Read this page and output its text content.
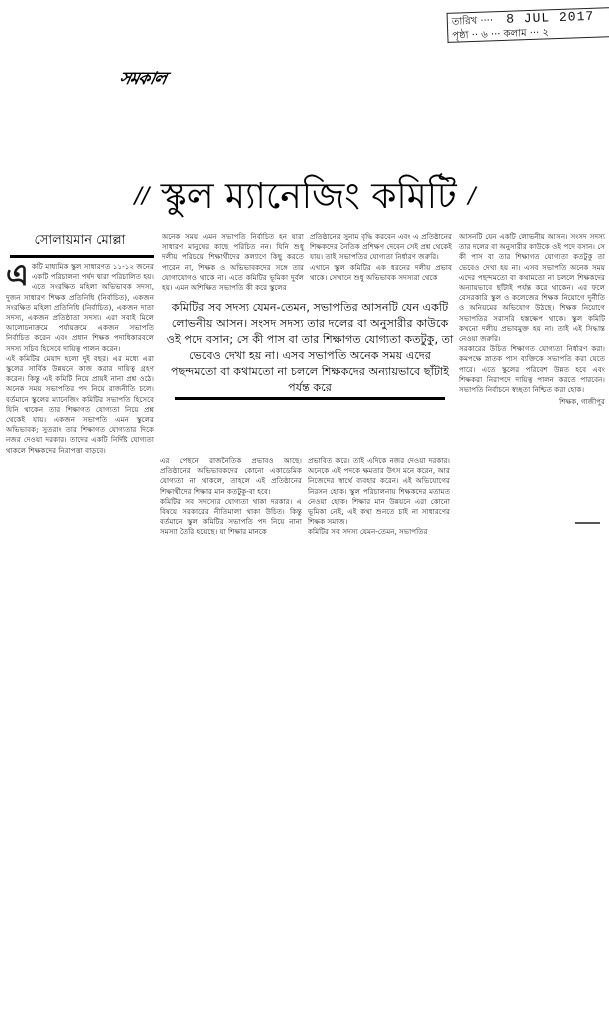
তারিখ ···· 8 JUL 2017
পৃষ্ঠা ·· ৬ ··· কলাম ··· ২
সমকাল
// স্কুল ম্যানেজিং কমিটি /
সোলায়মান মোল্লা

একটি মাধ্যমিক স্কুল সাধারণত ১১-১২ জনের একটি পরিচালনা পর্ষদ দ্বারা পরিচালিত হয়। এতে সংরক্ষিত মহিলা অভিভাবক সদস্য, দুজন সাধারণ শিক্ষক প্রতিনিধি (নির্বাচিত), একজন সংরক্ষিত মহিলা প্রতিনিধি (নির্বাচিত), একজন দাতা সদস্য, একজন প্রতিষ্ঠাতা সদস্য। এরা সবাই মিলে আলোচনাক্রমে পর্যায়ক্রমে একজন সভাপতি নির্বাচিত করেন এবং প্রধান শিক্ষক পদাধিকারবলে সদস্য সচিব হিসেবে দায়িত্ব পালন করেন।

এই কমিটির মেয়াদ হলো দুই বছর। এর মধ্যে এরা স্কুলের সার্বিক উন্নয়নে কাজ করার দায়িত্ব গ্রহণ করেন। কিন্তু এই কমিটি নিয়ে প্রায়ই নানা প্রশ্ন ওঠে। অনেক সময় সভাপতির পদ নিয়ে রাজনীতি চলে। বর্তমানে স্কুলের ম্যানেজিং কমিটির সভাপতি হিসেবে যিনি থাকেন তার শিক্ষাগত যোগ্যতা নিয়ে প্রশ্ন থেকেই যায়। একজন সভাপতি এমন স্কুলের অভিভাবক; সুতরাং তার শিক্ষাগত যোগ্যতার দিকে নজর দেওয়া দরকার। তাদের একটি নির্দিষ্ট যোগ্যতা থাকলে শিক্ষকদের নিরাপত্তা বাড়বে।

অনেক সময় এমন সভাপতি নির্বাচিত হন যারা সাধারণ মানুষের কাছে পরিচিত নন। যিনি শুধু দলীয় পরিচয়ে শিক্ষার্থীদের কল্যাণে কিছু করতে পারেন না, শিক্ষক ও অভিভাবকদের সঙ্গে তার যোগাযোগও থাকে না। এতে কমিটির ভূমিকা দুর্বল হয়। এমন অশিক্ষিত সভাপতি কী করে স্কুলের

প্রতিষ্ঠানের সুনাম বৃদ্ধি করবেন এবং এ প্রতিষ্ঠানের শিক্ষকদের নৈতিক প্রশিক্ষণ দেবেন সেই প্রশ্ন থেকেই যায়। তাই সভাপতির যোগ্যতা নির্ধারণ জরুরি।

এখানে স্কুল কমিটির এক ধরনের দলীয় প্রভাব থাকে। সেখানে শুধু অভিভাবক সদস্যরা থেকে

কমিটির সব সদস্য যেমন-তেমন, সভাপতির আসনটি যেন একটি লোভনীয় আসন। সংসদ সদস্য তার দলের বা অনুসারীর কাউকে ওই পদে বসান; সে কী পাস বা তার শিক্ষাগত যোগ্যতা কতটুকু, তা ভেবেও দেখা হয় না। এসব সভাপতি অনেক সময় এদের পছন্দমতো বা কথামতো না চললে শিক্ষকদের অন্যায়ভাবে ছাঁটাই পর্যন্ত করে

এর পেছনে রাজনৈতিক প্রভাবও আছে। প্রতিষ্ঠানের অভিভাবকদের কোনো একাডেমিক যোগ্যতা না থাকলে, তাহলে এই প্রতিষ্ঠানের শিক্ষার্থীদের শিক্ষার মান কতটুকু-বা হবে।

কমিটির সব সদস্যের যোগ্যতা থাকা দরকার। এ বিষয়ে সরকারের নীতিমালা থাকা উচিত। কিন্তু বর্তমানে স্কুল কমিটির সভাপতি পদ নিয়ে নানা সমস্যা তৈরি হয়েছে। যা শিক্ষার মানকে

প্রভাবিত করে। তাই এদিকে নজর দেওয়া দরকার। অনেকে এই পদকে ক্ষমতার উৎস মনে করেন, আর নিজেদের স্বার্থে ব্যবহার করেন। এই অভিযোগের নিরসন হোক। স্কুল পরিচালনায় শিক্ষকদের মতামত নেওয়া হোক। শিক্ষার মান উন্নয়নে এরা কোনো ভূমিকা নেই, এই কথা শুনতে চাই না সাধারণের শিক্ষক সমাজ।

কমিটির সব সদস্য যেমন-তেমন, সভাপতির

আসনটি যেন একটি লোভনীয় আসন। সংসদ সদস্য তার দলের বা অনুসারীর কাউকে ওই পদে বসান। সে কী পাস বা তার শিক্ষাগত যোগ্যতা কতটুকু তা ভেবেও দেখা হয় না। এসব সভাপতি অনেক সময় এদের পছন্দমতো বা কথামতো না চললে শিক্ষকদের অন্যায়ভাবে ছাঁটাই পর্যন্ত করে থাকেন। এর ফলে বেসরকারি স্কুল ও কলেজের শিক্ষক নিয়োগে দুর্নীতি ও অনিয়মের অভিযোগ উঠছে। শিক্ষক নিয়োগে সভাপতির সরাসরি হস্তক্ষেপ থাকে। স্কুল কমিটি কখনো দলীয় প্রভাবমুক্ত হয় না। তাই এই সিদ্ধান্ত নেওয়া জরুরি।

সরকারের উচিত শিক্ষাগত যোগ্যতা নির্ধারণ করা। কমপক্ষে স্নাতক পাস ব্যক্তিকে সভাপতি করা যেতে পারে। এতে স্কুলের পরিবেশ উন্নত হবে এবং শিক্ষকরা নিরাপদে দায়িত্ব পালন করতে পারবেন। সভাপতি নির্বাচনে স্বচ্ছতা নিশ্চিত করা হোক।

শিক্ষক, গাজীপুর
